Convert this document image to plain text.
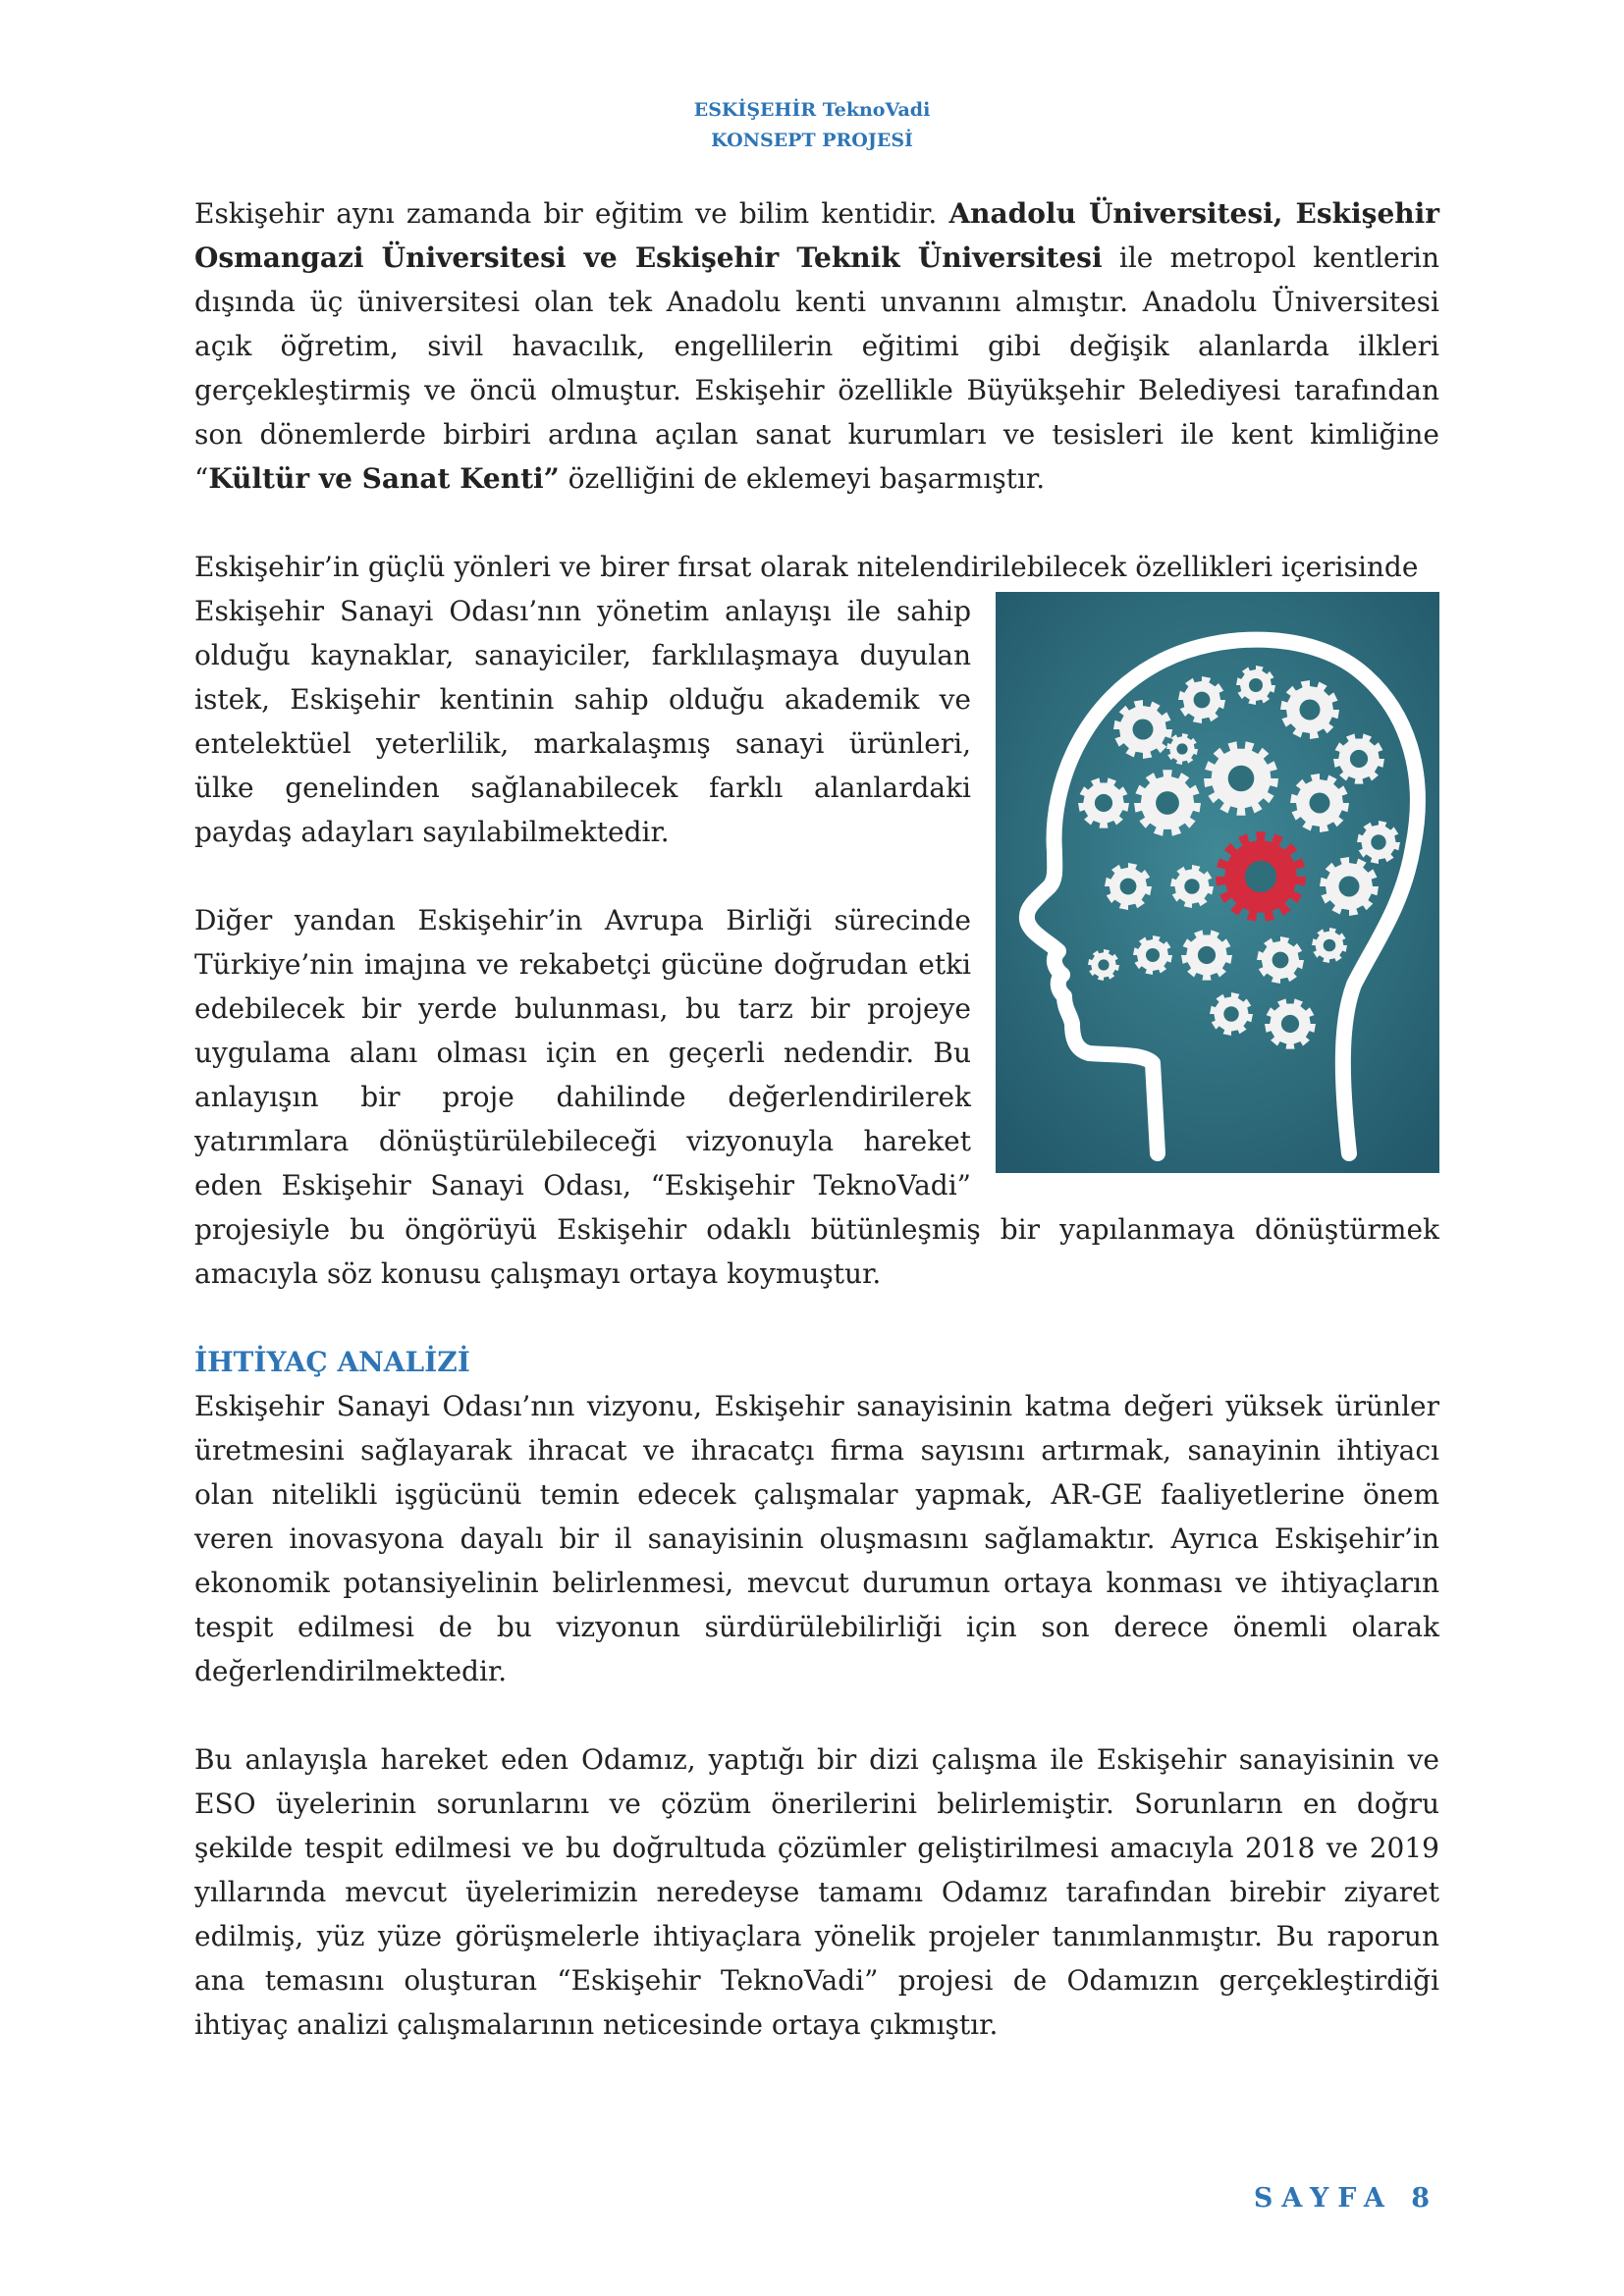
ESKİŞEHİR TeknoVadi
KONSEPT PROJESİ

Eskişehir aynı zamanda bir eğitim ve bilim kentidir. Anadolu Üniversitesi, Eskişehir Osmangazi Üniversitesi ve Eskişehir Teknik Üniversitesi ile metropol kentlerin dışında üç üniversitesi olan tek Anadolu kenti unvanını almıştır. Anadolu Üniversitesi açık öğretim, sivil havacılık, engellilerin eğitimi gibi değişik alanlarda ilkleri gerçekleştirmiş ve öncü olmuştur. Eskişehir özellikle Büyükşehir Belediyesi tarafından son dönemlerde birbiri ardına açılan sanat kurumları ve tesisleri ile kent kimliğine “Kültür ve Sanat Kenti” özelliğini de eklemeyi başarmıştır.

Eskişehir’in güçlü yönleri ve birer fırsat olarak nitelendirilebilecek özellikleri içerisinde

Eskişehir Sanayi Odası’nın yönetim anlayışı ile sahip olduğu kaynaklar, sanayiciler, farklılaşmaya duyulan istek, Eskişehir kentinin sahip olduğu akademik ve entelektüel yeterlilik, markalaşmış sanayi ürünleri, ülke genelinden sağlanabilecek farklı alanlardaki paydaş adayları sayılabilmektedir.

Diğer yandan Eskişehir’in Avrupa Birliği sürecinde Türkiye’nin imajına ve rekabetçi gücüne doğrudan etki edebilecek bir yerde bulunması, bu tarz bir projeye uygulama alanı olması için en geçerli nedendir. Bu anlayışın bir proje dahilinde değerlendirilerek yatırımlara dönüştürülebileceği vizyonuyla hareket eden Eskişehir Sanayi Odası, “Eskişehir TeknoVadi” projesiyle bu öngörüyü Eskişehir odaklı bütünleşmiş bir yapılanmaya dönüştürmek amacıyla söz konusu çalışmayı ortaya koymuştur.

İHTİYAÇ ANALİZİ

Eskişehir Sanayi Odası’nın vizyonu, Eskişehir sanayisinin katma değeri yüksek ürünler üretmesini sağlayarak ihracat ve ihracatçı firma sayısını artırmak, sanayinin ihtiyacı olan nitelikli işgücünü temin edecek çalışmalar yapmak, AR-GE faaliyetlerine önem veren inovasyona dayalı bir il sanayisinin oluşmasını sağlamaktır. Ayrıca Eskişehir’in ekonomik potansiyelinin belirlenmesi, mevcut durumun ortaya konması ve ihtiyaçların tespit edilmesi de bu vizyonun sürdürülebilirliği için son derece önemli olarak değerlendirilmektedir.

Bu anlayışla hareket eden Odamız, yaptığı bir dizi çalışma ile Eskişehir sanayisinin ve ESO üyelerinin sorunlarını ve çözüm önerilerini belirlemiştir. Sorunların en doğru şekilde tespit edilmesi ve bu doğrultuda çözümler geliştirilmesi amacıyla 2018 ve 2019 yıllarında mevcut üyelerimizin neredeyse tamamı Odamız tarafından birebir ziyaret edilmiş, yüz yüze görüşmelerle ihtiyaçlara yönelik projeler tanımlanmıştır. Bu raporun ana temasını oluşturan “Eskişehir TeknoVadi” projesi de Odamızın gerçekleştirdiği ihtiyaç analizi çalışmalarının neticesinde ortaya çıkmıştır.

SAYFA 8
